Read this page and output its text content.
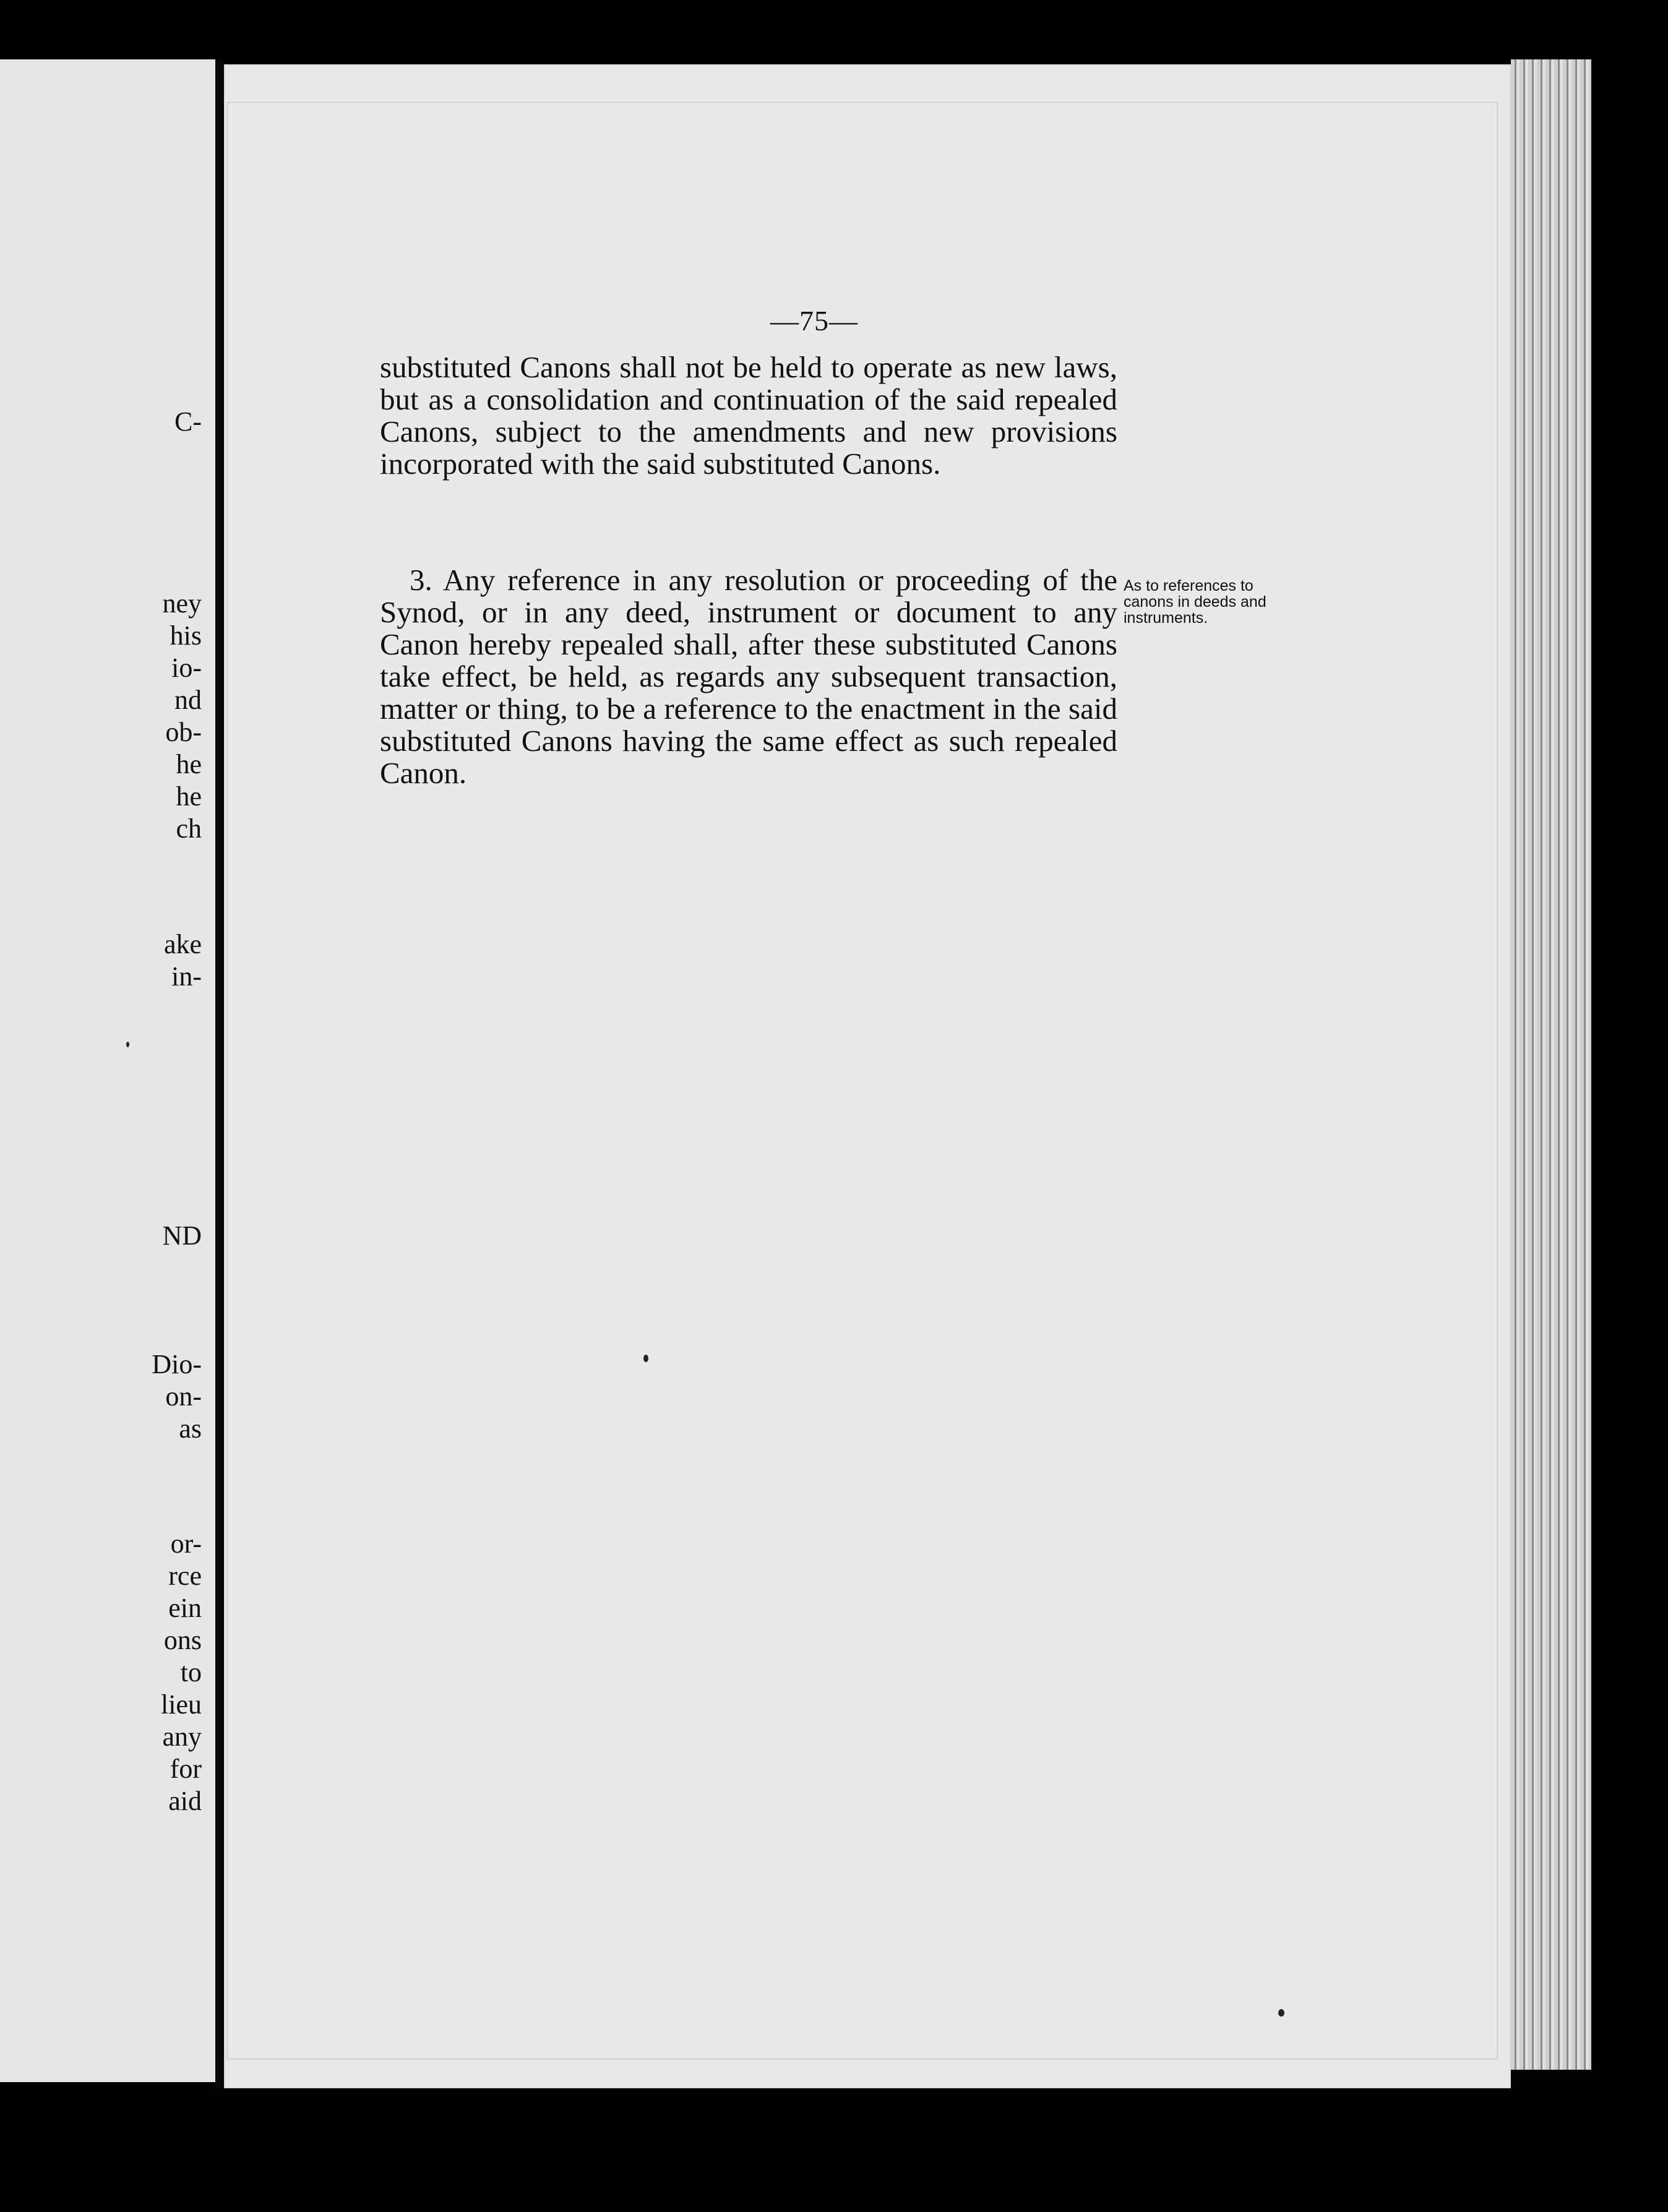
C-
ney
his
io-
nd
ob-
he
he
ch
ake
in-
ND
Dio-
on-
as
or-
rce
ein
ons
to
lieu
any
for
aid
—75—

substituted Canons shall not be held to operate as new laws, but as a consolidation and continuation of the said repealed Canons, subject to the amendments and new provisions incorporated with the said substituted Canons.

3. Any reference in any resolution or proceeding of the Synod, or in any deed, instrument or document to any Canon hereby repealed shall, after these substituted Canons take effect, be held, as regards any subsequent transaction, matter or thing, to be a reference to the enactment in the said substituted Canons having the same effect as such repealed Canon.

As to references to canons in deeds and instruments.
